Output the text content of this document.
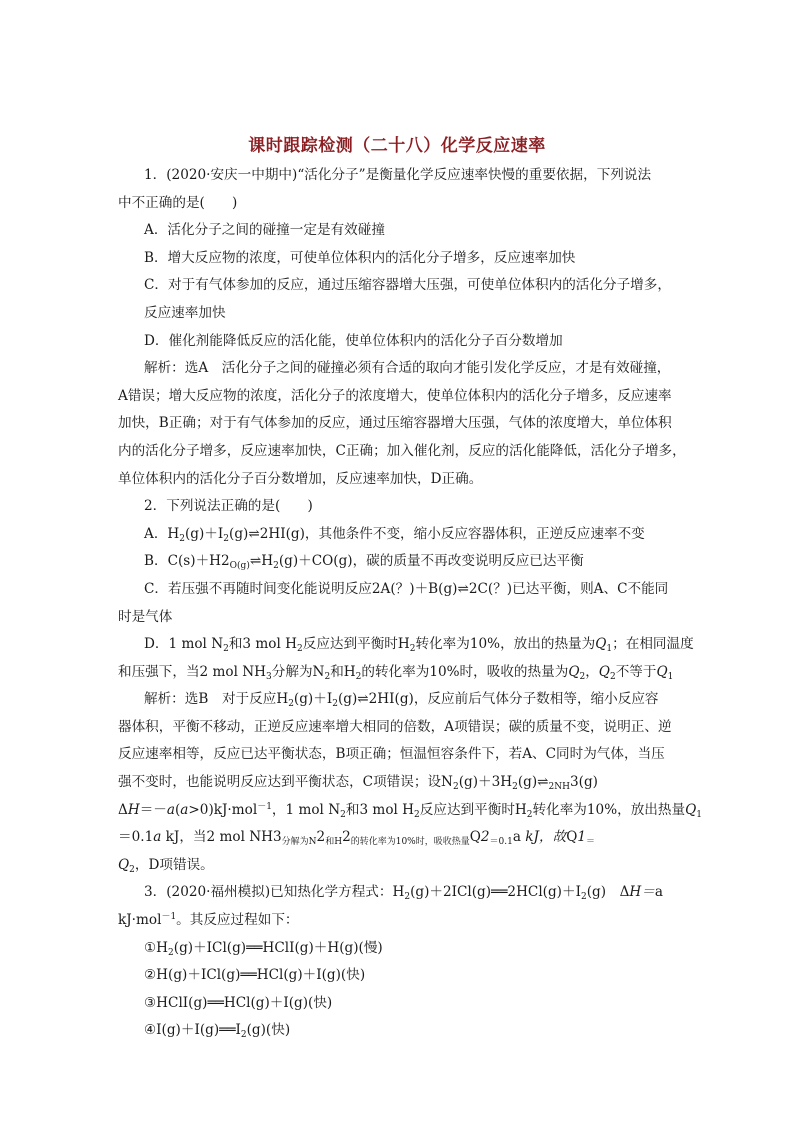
课时跟踪检测（二十八）化学反应速率
1．(2020·安庆一中期中)“活化分子”是衡量化学反应速率快慢的重要依据，下列说法
中不正确的是(　　)
A．活化分子之间的碰撞一定是有效碰撞
B．增大反应物的浓度，可使单位体积内的活化分子增多，反应速率加快
C．对于有气体参加的反应，通过压缩容器增大压强，可使单位体积内的活化分子增多，
反应速率加快
D．催化剂能降低反应的活化能，使单位体积内的活化分子百分数增加
解析：选A　活化分子之间的碰撞必须有合适的取向才能引发化学反应，才是有效碰撞，
A错误；增大反应物的浓度，活化分子的浓度增大，使单位体积内的活化分子增多，反应速率
加快，B正确；对于有气体参加的反应，通过压缩容器增大压强，气体的浓度增大，单位体积
内的活化分子增多，反应速率加快，C正确；加入催化剂，反应的活化能降低，活化分子增多，
单位体积内的活化分子百分数增加，反应速率加快，D正确。
2．下列说法正确的是(　　)
A．$H_2(g)+I_2(g)\rightleftharpoons 2HI(g)$，其他条件不变，缩小反应容器体积，正逆反应速率不变
B．$C(s)+H2_{O(g)}\rightleftharpoons H_2(g)+CO(g)$，碳的质量不再改变说明反应已达平衡
C．若压强不再随时间变化能说明反应2A(？)＋B(g)⇌2C(？)已达平衡，则A、C不能同
时是气体
D．1 mol $N_2$和3 mol $H_2$反应达到平衡时$H_2$转化率为10%，放出的热量为$Q_1$；在相同温度
和压强下，当2 mol $NH_3$分解为$N_2$和$H_2$的转化率为10%时，吸收的热量为$Q_2$，$Q_2$不等于$Q_1$
解析：选B　对于反应$H_2(g)+I_2(g)\rightleftharpoons 2HI(g)$，反应前后气体分子数相等，缩小反应容
器体积，平衡不移动，正逆反应速率增大相同的倍数，A项错误；碳的质量不变，说明正、逆
反应速率相等，反应已达平衡状态，B项正确；恒温恒容条件下，若A、C同时为气体，当压
强不变时，也能说明反应达到平衡状态，C项错误；设$N_2(g)+3H_2(g)\rightleftharpoons_{2NH}3(g)$
ΔH＝－a(a>0)kJ·mol$^{-1}$，1 mol $N_2$和3 mol $H_2$反应达到平衡时$H_2$转化率为10%，放出热量$Q_1$
＝0.1a kJ，当2 mol $NH3_{分解为N}2_{和H}2_{的转化率为10\%时,吸收热量}Q2_{=0.1}a$ kJ，故$Q1_=$
$Q_2$，D项错误。
3．(2020·福州模拟)已知热化学方程式：$H_2(g)+2ICl(g)══2HCl(g)+I_2(g)$　ΔH＝a
kJ·mol$^{-1}$。其反应过程如下：
$①H_2(g)+ICl(g)══HClI(g)+H(g)$(慢)
②H(g)＋ICl(g)══HCl(g)＋I(g)(快)
③HClI(g)══HCl(g)＋I(g)(快)
$④I(g)+I(g)══I_2(g)$(快)
